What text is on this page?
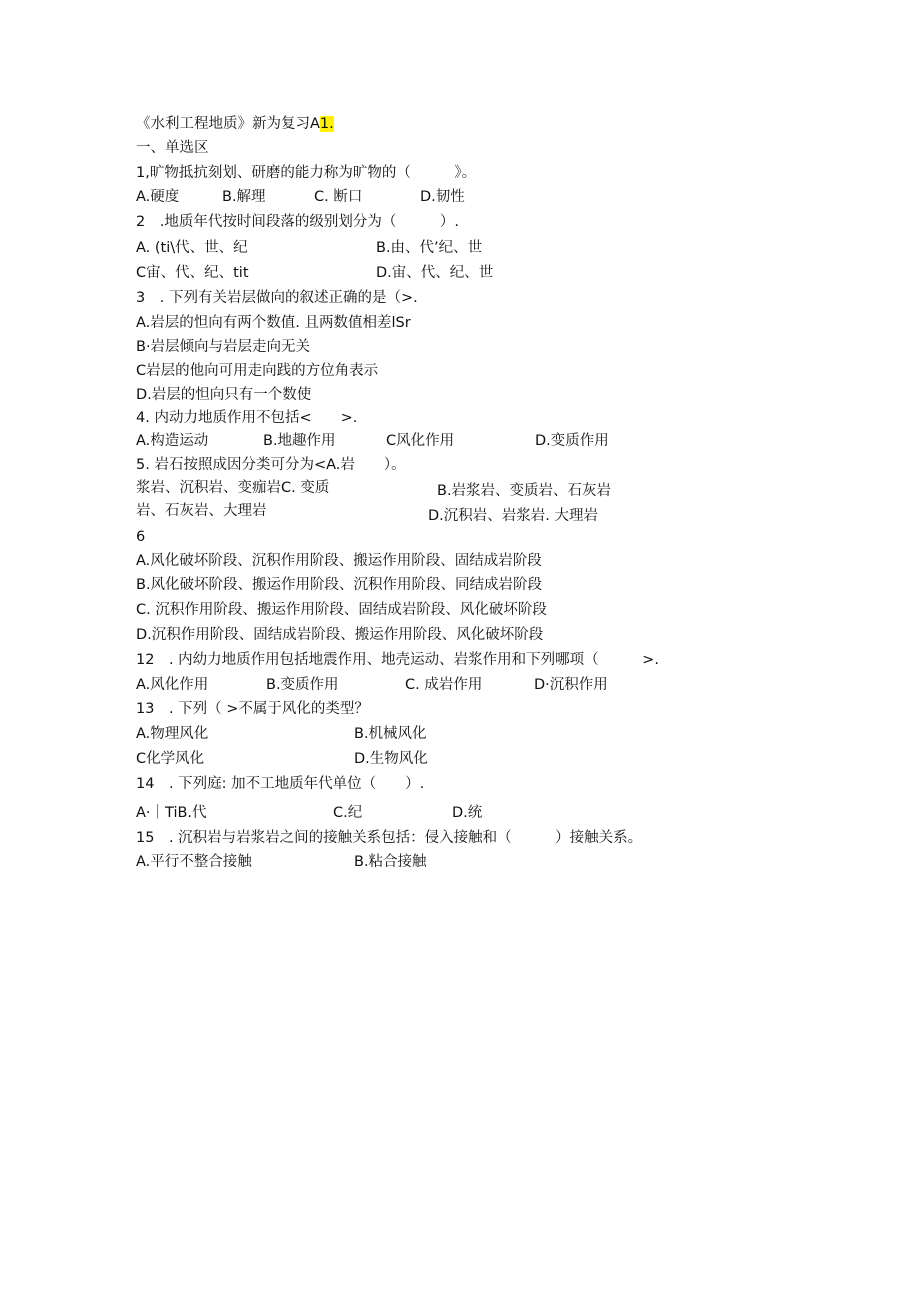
《水利工程地质》新为复习A1.
一、单选区
1,旷物抵抗刻划、研磨的能力称为旷物的（　　　》。
A.硬度	B.解理	C. 断口	D.韧性
2　.地质年代按时间段落的级别划分为（　　　）.
A. (ti\代、世、纪	B.由、代’纪、世
C宙、代、纪、tit	D.宙、代、纪、世
3　. 下列有关岩层做向的叙述正确的是（>.
A.岩层的怛向有两个数值. 且两数值相差lSr
B·岩层倾向与岩层走向无关
C岩层的他向可用走向践的方位角表示
D.岩层的怛向只有一个数使
4. 内动力地质作用不包括<　　>.
A.构造运动	B.地趣作用	C风化作用	D.变质作用
5. 岩石按照成因分类可分为<A.岩　　）。
浆岩、沉积岩、变痂岩C. 变质	B.岩浆岩、变质岩、石灰岩
岩、石灰岩、大理岩	D.沉积岩、岩浆岩. 大理岩
6
A.风化破坏阶段、沉积作用阶段、搬运作用阶段、固结成岩阶段
B.风化破坏阶段、搬运作用阶段、沉积作用阶段、同结成岩阶段
C. 沉积作用阶段、搬运作用阶段、固结成岩阶段、风化破坏阶段
D.沉积作用阶段、固结成岩阶段、搬运作用阶段、风化破坏阶段
12　. 内幼力地质作用包括地震作用、地壳运动、岩浆作用和下列哪项（　　　>.
A.风化作用	B.变质作用	C. 成岩作用	D·沉积作用
13　. 下列（ >不属于风化的类型？
A.物理风化	B.机械风化
C化学风化	D.生物风化
14　. 下列庭: 加不工地质年代单位（　　）.
A·｜TiB.代	C.纪	D.统
15　. 沉积岩与岩浆岩之间的接触关系包括：侵入接触和（　　　）接触关系。
A.平行不整合接触	B.粘合接触
